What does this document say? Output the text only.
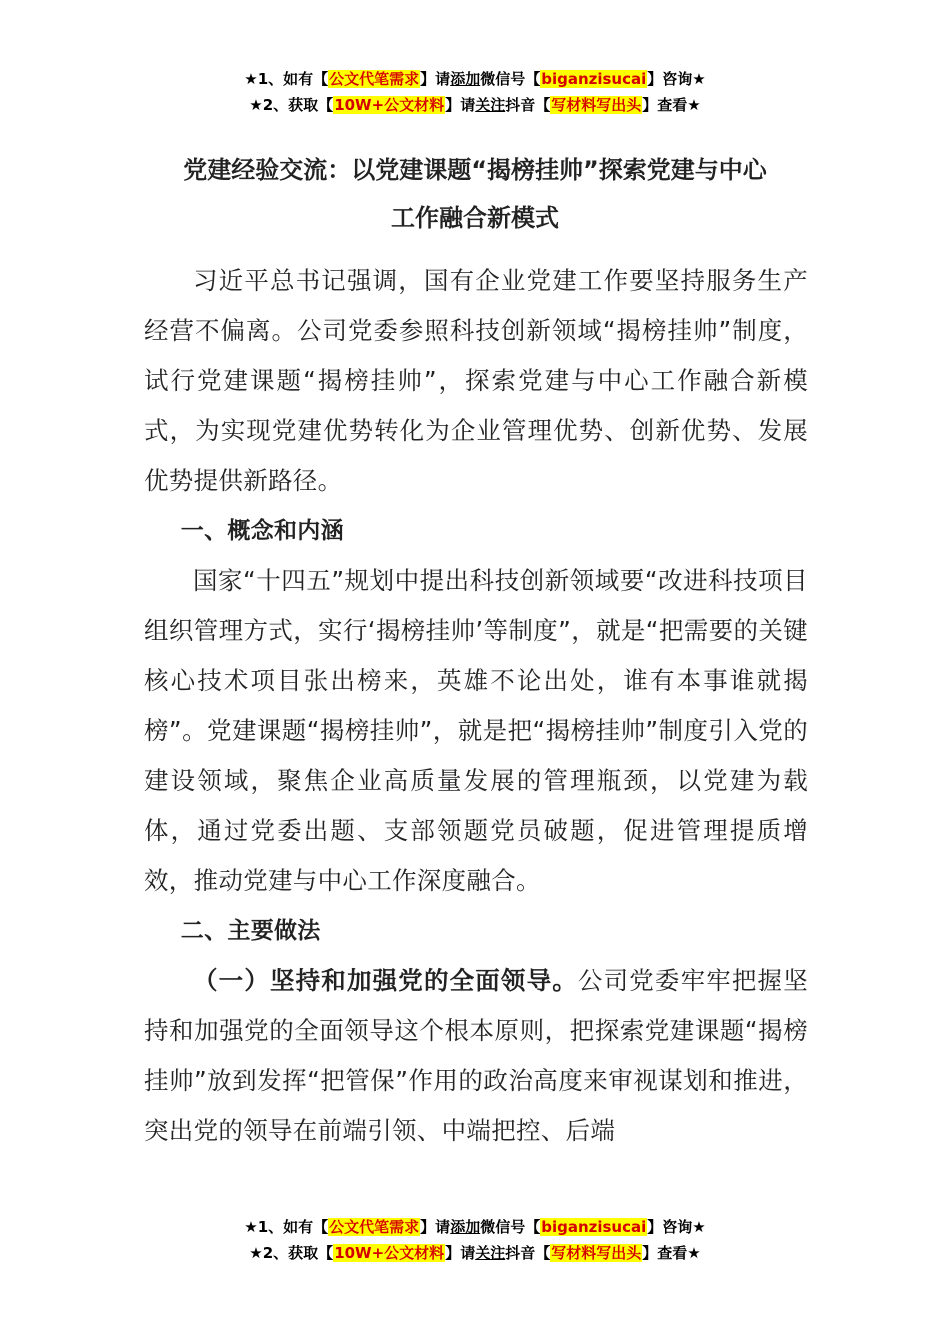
★1、如有【公文代笔需求】请添加微信号【biganzisucai】咨询★
★2、获取【10W+公文材料】请关注抖音【写材料写出头】查看★
党建经验交流：以党建课题“揭榜挂帅”探索党建与中心
工作融合新模式

习近平总书记强调，国有企业党建工作要坚持服务生产经营不偏离。公司党委参照科技创新领域“揭榜挂帅”制度，试行党建课题“揭榜挂帅”，探索党建与中心工作融合新模式，为实现党建优势转化为企业管理优势、创新优势、发展优势提供新路径。

一、概念和内涵

国家“十四五”规划中提出科技创新领域要“改进科技项目组织管理方式，实行‘揭榜挂帅’等制度”，就是“把需要的关键核心技术项目张出榜来，英雄不论出处，谁有本事谁就揭榜”。党建课题“揭榜挂帅”，就是把“揭榜挂帅”制度引入党的建设领域，聚焦企业高质量发展的管理瓶颈，以党建为载体，通过党委出题、支部领题党员破题，促进管理提质增效，推动党建与中心工作深度融合。

二、主要做法

（一）坚持和加强党的全面领导。公司党委牢牢把握坚持和加强党的全面领导这个根本原则，把探索党建课题“揭榜挂帅”放到发挥“把管保”作用的政治高度来审视谋划和推进，突出党的领导在前端引领、中端把控、后端

★1、如有【公文代笔需求】请添加微信号【biganzisucai】咨询★
★2、获取【10W+公文材料】请关注抖音【写材料写出头】查看★
